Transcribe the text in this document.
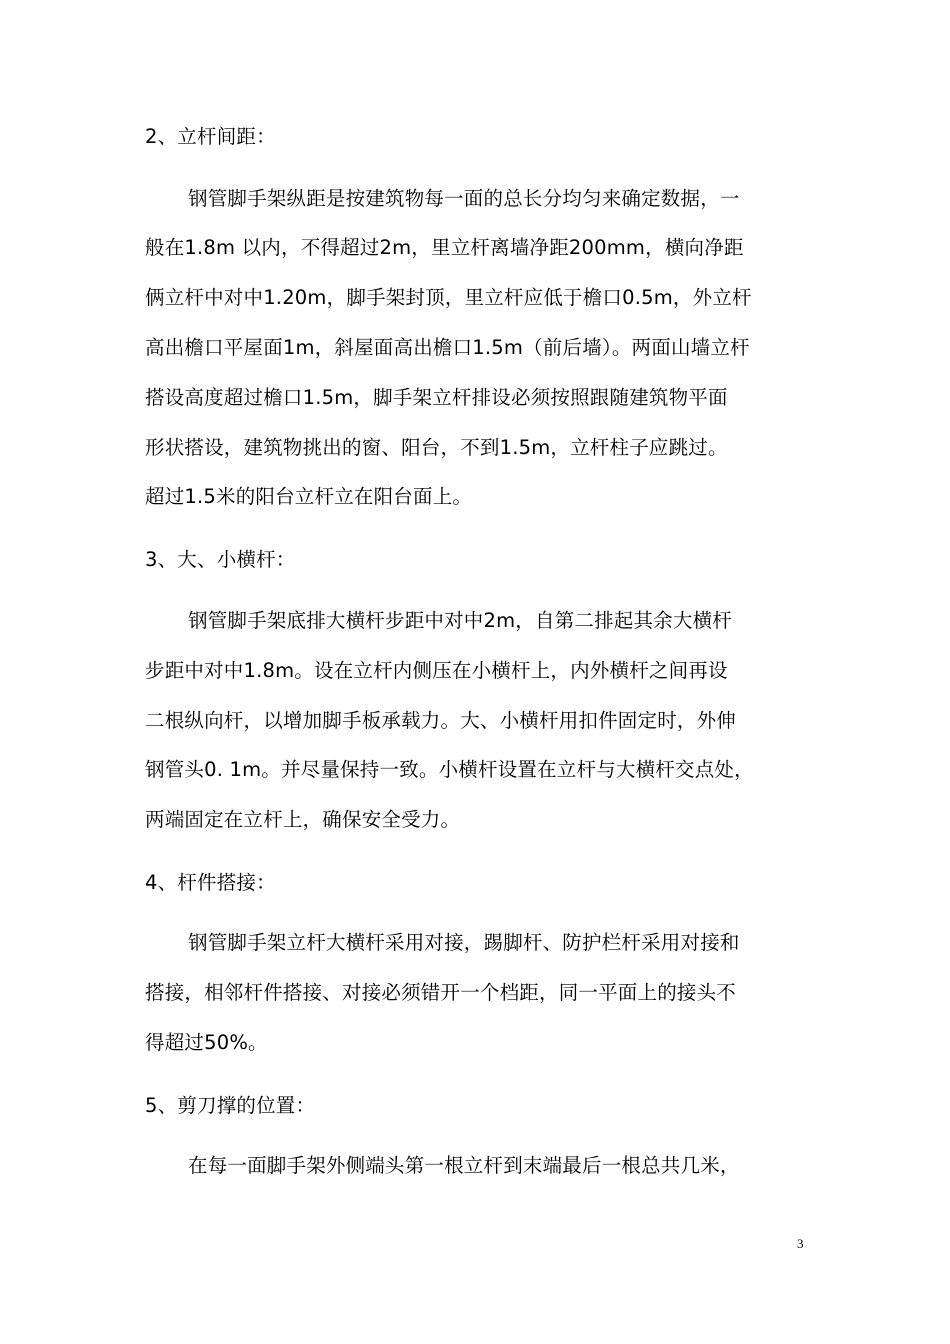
2、立杆间距：
钢管脚手架纵距是按建筑物每一面的总长分均匀来确定数据，一
般在1.8m 以内，不得超过2m，里立杆离墙净距200mm，横向净距
俩立杆中对中1.20m，脚手架封顶，里立杆应低于檐口0.5m，外立杆
高出檐口平屋面1m，斜屋面高出檐口1.5m（前后墙）。两面山墙立杆
搭设高度超过檐口1.5m，脚手架立杆排设必须按照跟随建筑物平面
形状搭设，建筑物挑出的窗、阳台，不到1.5m，立杆柱子应跳过。
超过1.5米的阳台立杆立在阳台面上。
3、大、小横杆：
钢管脚手架底排大横杆步距中对中2m，自第二排起其余大横杆
步距中对中1.8m。设在立杆内侧压在小横杆上，内外横杆之间再设
二根纵向杆，以增加脚手板承载力。大、小横杆用扣件固定时，外伸
钢管头0. 1m。并尽量保持一致。小横杆设置在立杆与大横杆交点处，
两端固定在立杆上，确保安全受力。
4、杆件搭接：
钢管脚手架立杆大横杆采用对接，踢脚杆、防护栏杆采用对接和
搭接，相邻杆件搭接、对接必须错开一个档距，同一平面上的接头不
得超过50%。
5、剪刀撑的位置：
在每一面脚手架外侧端头第一根立杆到末端最后一根总共几米，
3
